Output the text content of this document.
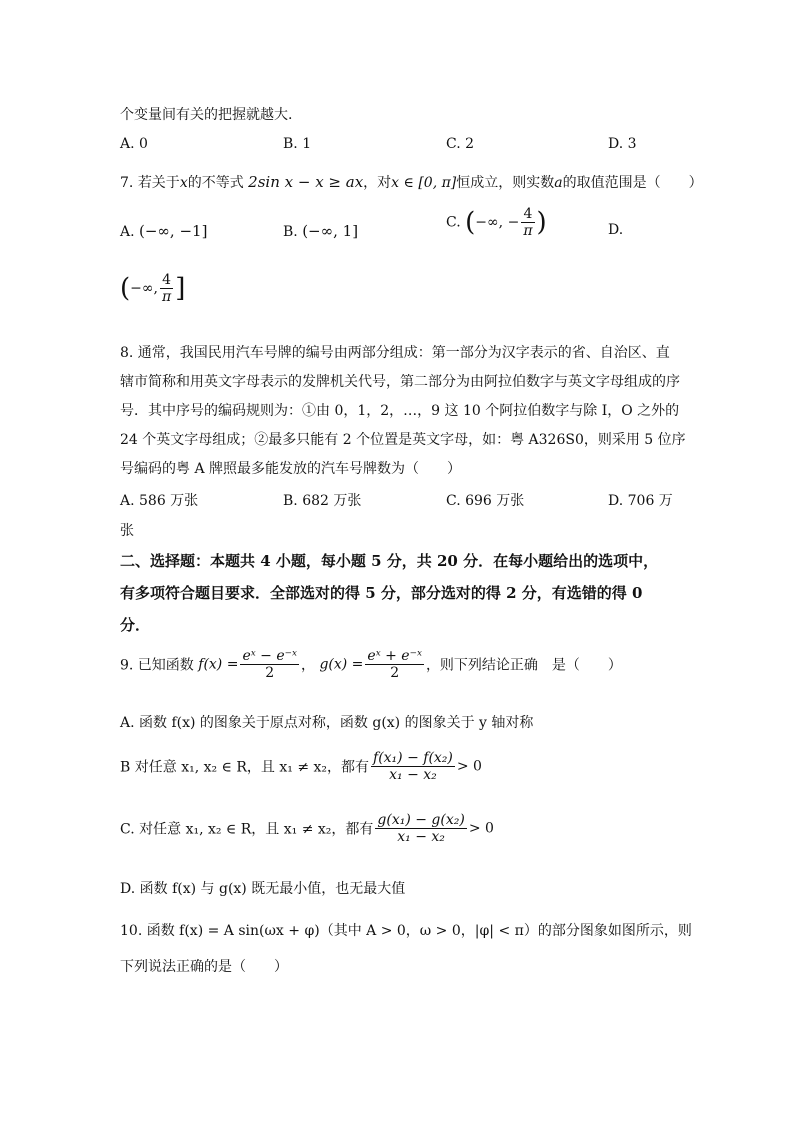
个变量间有关的把握就越大.
A. 0	B. 1	C. 2	D. 3
7. 若关于x的不等式 2sin x − x ≥ ax，对x ∈ [0, π]恒成立，则实数a的取值范围是（　　）
A. (−∞, −1]	B. (−∞, 1]	C. (−∞, − $\frac{4}{\pi}$ )	D.
(−∞, $\frac{4}{\pi}$ ]
8. 通常，我国民用汽车号牌的编号由两部分组成：第一部分为汉字表示的省、自治区、直
辖市简称和用英文字母表示的发牌机关代号，第二部分为由阿拉伯数字与英文字母组成的序
号．其中序号的编码规则为：①由 0，1，2，…，9 这 10 个阿拉伯数字与除 I，O 之外的
24 个英文字母组成；②最多只能有 2 个位置是英文字母，如：粤 A326S0，则采用 5 位序
号编码的粤 A 牌照最多能发放的汽车号牌数为（　　）
A. 586 万张	B. 682 万张	C. 696 万张	D. 706 万
张
二、选择题：本题共 4 小题，每小题 5 分，共 20 分．在每小题给出的选项中，
有多项符合题目要求．全部选对的得 5 分，部分选对的得 2 分，有选错的得 0
分．
9. 已知函数 $f(x) = \frac{\text{eˣ − e⁻ˣ}}{2}$ ， $g(x) = \frac{\text{eˣ + e⁻ˣ}}{2}$ ，则下列结论正确　是（　　）
A. 函数 f(x) 的图象关于原点对称，函数 g(x) 的图象关于 y 轴对称
B 对任意 x₁, x₂ ∈ R，且 x₁ ≠ x₂，都有 $\frac{\text{f(x₁) − f(x₂)}}{\text{x₁ − x₂}} > 0$
C. 对任意 x₁, x₂ ∈ R，且 x₁ ≠ x₂，都有 $\frac{\text{g(x₁) − g(x₂)}}{\text{x₁ − x₂}} > 0$
D. 函数 f(x) 与 g(x) 既无最小值，也无最大值
10. 函数 f(x) = A sin(ωx + φ)（其中 A > 0，ω > 0，|φ| < π）的部分图象如图所示，则
下列说法正确的是（　　）
